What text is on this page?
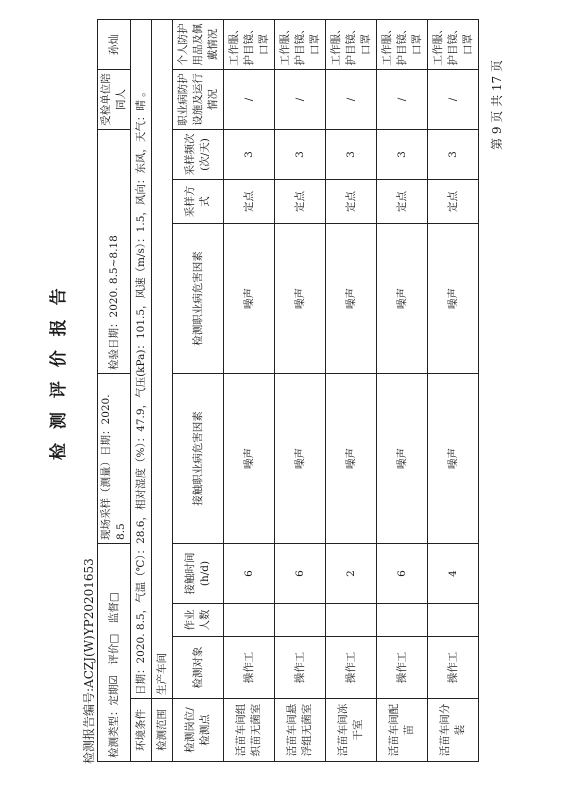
检测报告编号:ACZJ(W)YP20201653
检 测 评 价 报 告
检测类型：定期☑　评价□　监督□				现场采样（测量）日期：2020. 8.5	检验日期：2020. 8.5~8.18			受检单位陪同人	孙灿
环境条件	日期：2020. 8.5，气温（℃）：28.6，相对湿度（%）：47.9，气压(kPa)：101.5，风速（m/s）：1.5，风向：东风，天气：晴 。								
检测范围	生产车间								
检测岗位/检测点	检测对象	作业人数	接触时间(h/d)	接触职业病危害因素	检测职业病危害因素	采样方式	采样频次(次/天)	职业病防护设施及运行情况	个人防护用品及佩戴情况
活苗车间组织苗无菌室	操作工		6	噪声	噪声	定点	3	/	工作服、护目镜、口罩
活苗车间悬浮组无菌室	操作工		6	噪声	噪声	定点	3	/	工作服、护目镜、口罩
活苗车间冻干室	操作工		2	噪声	噪声	定点	3	/	工作服、护目镜、口罩
活苗车间配苗	操作工		6	噪声	噪声	定点	3	/	工作服、护目镜、口罩
活苗车间分装	操作工		4	噪声	噪声	定点	3	/	工作服、护目镜、口罩
第 9 页 共 17 页
